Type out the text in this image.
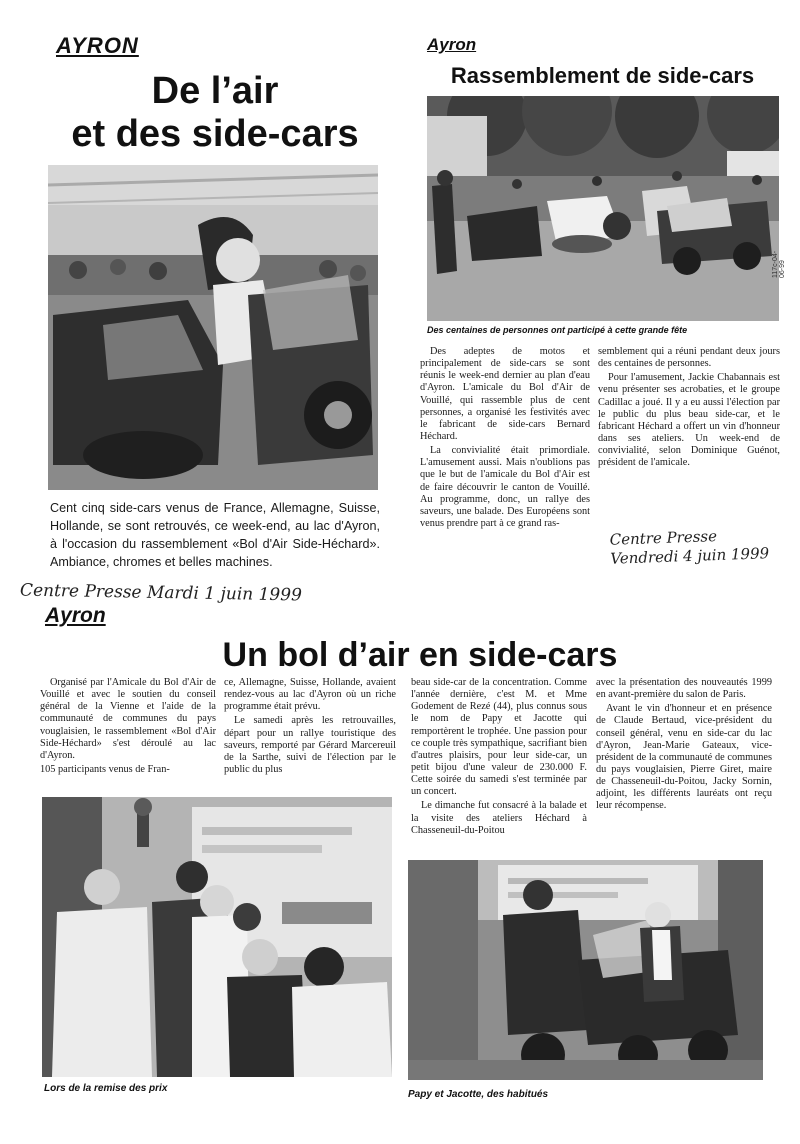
AYRON
De l’air
et des side-cars
Cent cinq side-cars venus de France, Allemagne, Suisse, Hollande, se sont retrouvés, ce week-end, au lac d'Ayron, à l'occasion du rassemblement «Bol d'Air Side-Héchard». Ambiance, chromes et belles machines.
Ayron
Rassemblement de side-cars
117c-04-06-99
Des centaines de personnes ont participé à cette grande fête

Des adeptes de motos et principalement de side-cars se sont réunis le week-end dernier au plan d'eau d'Ayron. L'amicale du Bol d'Air de Vouillé, qui rassemble plus de cent personnes, a organisé les festivités avec le fabricant de side-cars Bernard Héchard.

La convivialité était primordiale. L'amusement aussi. Mais n'oublions pas que le but de l'amicale du Bol d'Air est de faire découvrir le canton de Vouillé. Au programme, donc, un rallye des saveurs, une balade. Des Européens sont venus prendre part à ce grand ras-

semblement qui a réuni pendant deux jours des centaines de personnes.

Pour l'amusement, Jackie Chabannais est venu présenter ses acrobaties, et le groupe Cadillac a joué. Il y a eu aussi l'élection par le public du plus beau side-car, et le fabricant Héchard a offert un vin d'honneur dans ses ateliers. Un week-end de convivialité, selon Dominique Guénot, président de l'amicale.

Centre Presse
Vendredi 4 juin 1999
Centre Presse Mardi 1 juin 1999
Ayron
Un bol d’air en side-cars

Organisé par l'Amicale du Bol d'Air de Vouillé et avec le soutien du conseil général de la Vienne et l'aide de la communauté de communes du pays vouglaisien, le rassemblement «Bol d'Air Side-Héchard» s'est déroulé au lac d'Ayron.

105 participants venus de Fran-

ce, Allemagne, Suisse, Hollande, avaient rendez-vous au lac d'Ayron où un riche programme était prévu.

Le samedi après les retrouvailles, départ pour un rallye touristique des saveurs, remporté par Gérard Marcereuil de la Sarthe, suivi de l'élection par le public du plus

beau side-car de la concentration. Comme l'année dernière, c'est M. et Mme Godement de Rezé (44), plus connus sous le nom de Papy et Jacotte qui remportèrent le trophée. Une passion pour ce couple très sympathique, sacrifiant bien d'autres plaisirs, pour leur side-car, un petit bijou d'une valeur de 230.000 F. Cette soirée du samedi s'est terminée par un concert.

Le dimanche fut consacré à la balade et la visite des ateliers Héchard à Chasseneuil-du-Poitou

avec la présentation des nouveautés 1999 en avant-première du salon de Paris.

Avant le vin d'honneur et en présence de Claude Bertaud, vice-président du conseil général, venu en side-car du lac d'Ayron, Jean-Marie Gateaux, vice-président de la communauté de communes du pays vouglaisien, Pierre Giret, maire de Chasseneuil-du-Poitou, Jacky Sornin, adjoint, les différents lauréats ont reçu leur récompense.

Lors de la remise des prix
Papy et Jacotte, des habitués
